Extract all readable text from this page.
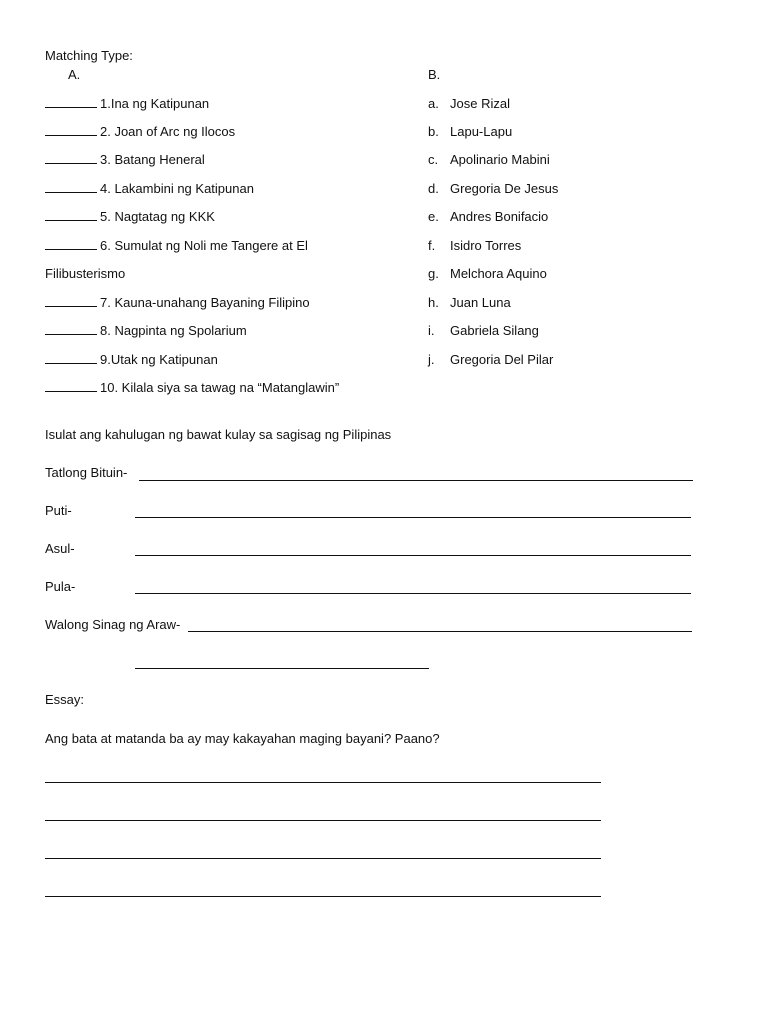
Matching Type:
A.	B.
1.Ina ng Katipunan
2. Joan of Arc ng Ilocos
3. Batang Heneral
4. Lakambini ng Katipunan
5. Nagtatag ng KKK
6. Sumulat ng Noli me Tangere at El
Filibusterismo
7. Kauna-unahang Bayaning Filipino
8. Nagpinta ng Spolarium
9.Utak ng Katipunan
10. Kilala siya sa tawag na “Matanglawin”
a. Jose Rizal
b. Lapu-Lapu
c. Apolinario Mabini
d. Gregoria De Jesus
e. Andres Bonifacio
f. Isidro Torres
g. Melchora Aquino
h. Juan Luna
i. Gabriela Silang
j. Gregoria Del Pilar
Isulat ang kahulugan ng bawat kulay sa sagisag ng Pilipinas
Tatlong Bituin-
Puti-
Asul-
Pula-
Walong Sinag ng Araw-
Essay:
Ang bata at matanda ba ay may kakayahan maging bayani? Paano?
